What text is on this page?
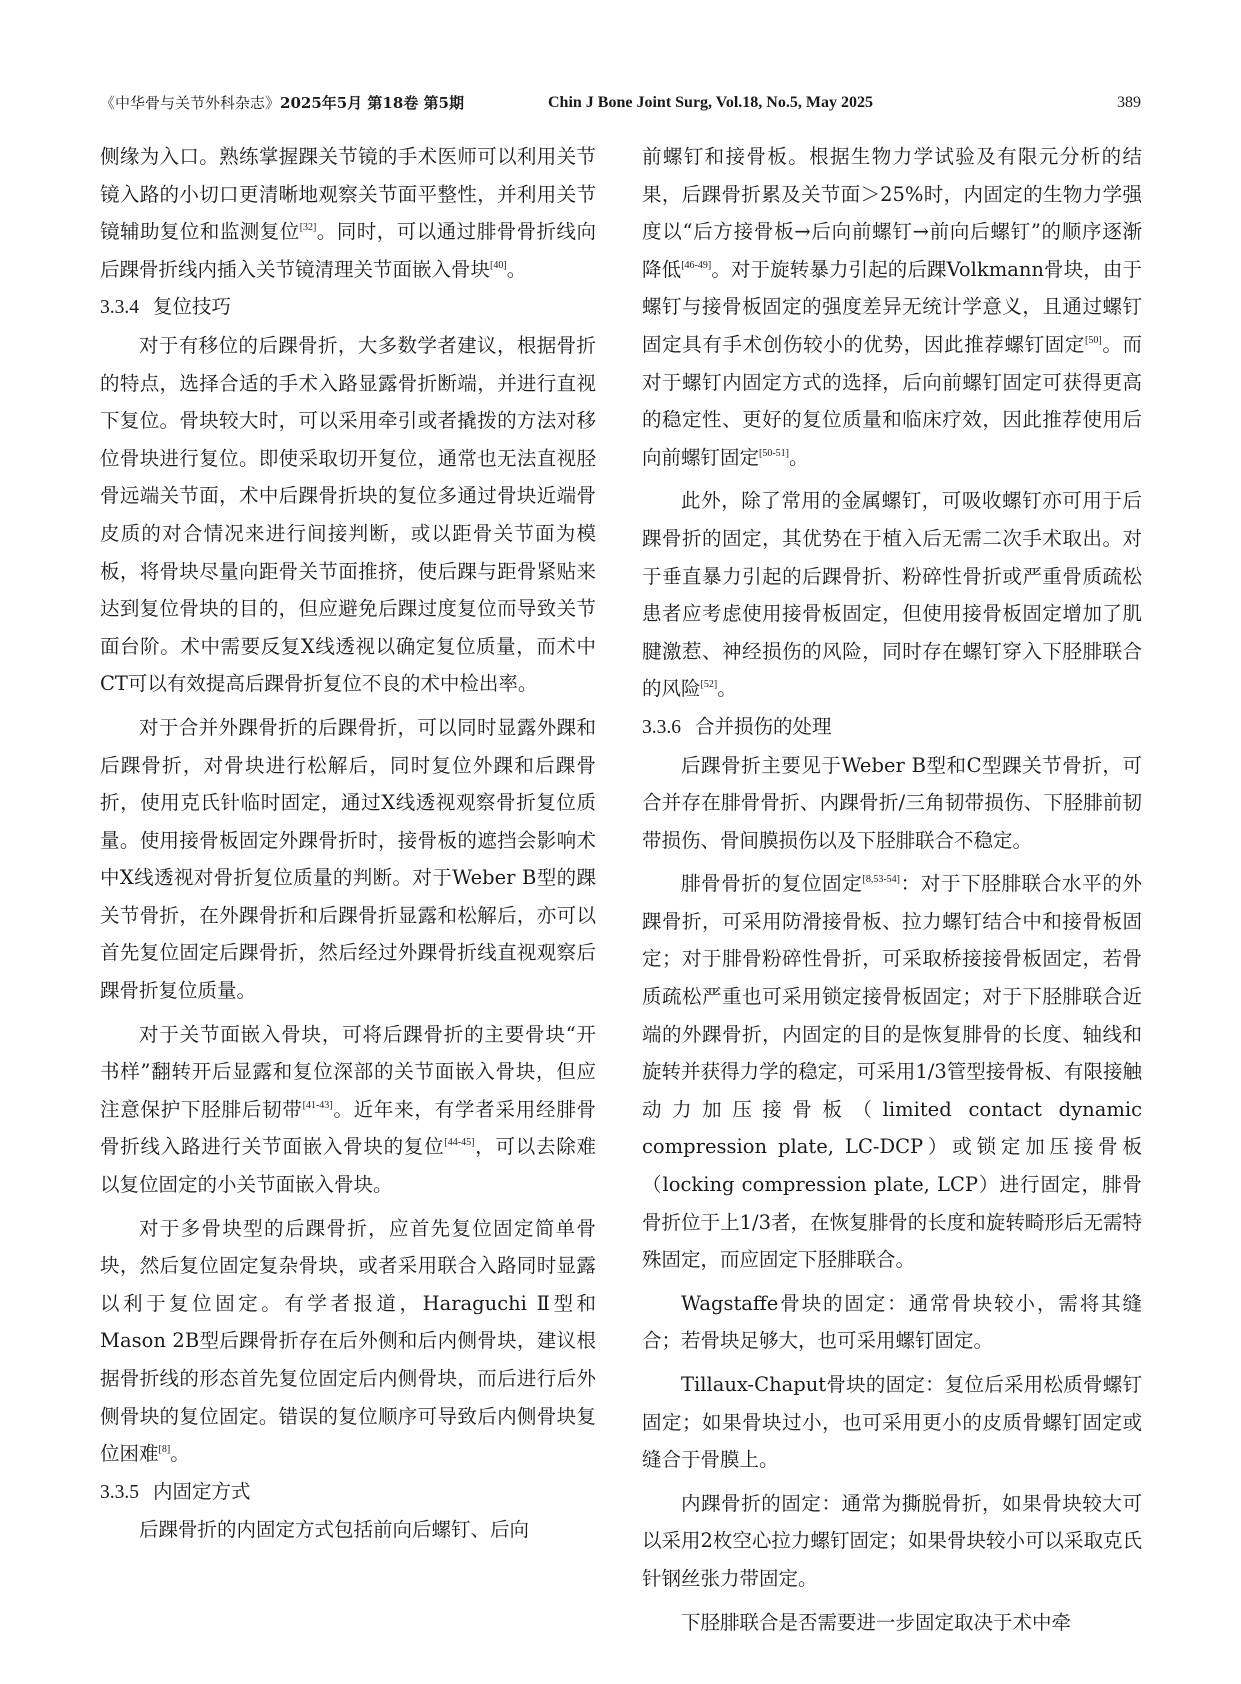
《中华骨与关节外科杂志》2025年5月 第18卷 第5期	Chin J Bone Joint Surg, Vol.18, No.5, May 2025	389

侧缘为入口。熟练掌握踝关节镜的手术医师可以利用关节镜入路的小切口更清晰地观察关节面平整性，并利用关节镜辅助复位和监测复位[32]。同时，可以通过腓骨骨折线向后踝骨折线内插入关节镜清理关节面嵌入骨块[40]。

3.3.4 复位技巧

对于有移位的后踝骨折，大多数学者建议，根据骨折的特点，选择合适的手术入路显露骨折断端，并进行直视下复位。骨块较大时，可以采用牵引或者撬拨的方法对移位骨块进行复位。即使采取切开复位，通常也无法直视胫骨远端关节面，术中后踝骨折块的复位多通过骨块近端骨皮质的对合情况来进行间接判断，或以距骨关节面为模板，将骨块尽量向距骨关节面推挤，使后踝与距骨紧贴来达到复位骨块的目的，但应避免后踝过度复位而导致关节面台阶。术中需要反复X线透视以确定复位质量，而术中CT可以有效提高后踝骨折复位不良的术中检出率。

对于合并外踝骨折的后踝骨折，可以同时显露外踝和后踝骨折，对骨块进行松解后，同时复位外踝和后踝骨折，使用克氏针临时固定，通过X线透视观察骨折复位质量。使用接骨板固定外踝骨折时，接骨板的遮挡会影响术中X线透视对骨折复位质量的判断。对于Weber B型的踝关节骨折，在外踝骨折和后踝骨折显露和松解后，亦可以首先复位固定后踝骨折，然后经过外踝骨折线直视观察后踝骨折复位质量。

对于关节面嵌入骨块，可将后踝骨折的主要骨块“开书样”翻转开后显露和复位深部的关节面嵌入骨块，但应注意保护下胫腓后韧带[41-43]。近年来，有学者采用经腓骨骨折线入路进行关节面嵌入骨块的复位[44-45]，可以去除难以复位固定的小关节面嵌入骨块。

对于多骨块型的后踝骨折，应首先复位固定简单骨块，然后复位固定复杂骨块，或者采用联合入路同时显露以利于复位固定。有学者报道，Haraguchi Ⅱ型和Mason 2B型后踝骨折存在后外侧和后内侧骨块，建议根据骨折线的形态首先复位固定后内侧骨块，而后进行后外侧骨块的复位固定。错误的复位顺序可导致后内侧骨块复位困难[8]。

3.3.5 内固定方式

后踝骨折的内固定方式包括前向后螺钉、后向

前螺钉和接骨板。根据生物力学试验及有限元分析的结果，后踝骨折累及关节面＞25%时，内固定的生物力学强度以“后方接骨板→后向前螺钉→前向后螺钉”的顺序逐渐降低[46-49]。对于旋转暴力引起的后踝Volkmann骨块，由于螺钉与接骨板固定的强度差异无统计学意义，且通过螺钉固定具有手术创伤较小的优势，因此推荐螺钉固定[50]。而对于螺钉内固定方式的选择，后向前螺钉固定可获得更高的稳定性、更好的复位质量和临床疗效，因此推荐使用后向前螺钉固定[50-51]。

此外，除了常用的金属螺钉，可吸收螺钉亦可用于后踝骨折的固定，其优势在于植入后无需二次手术取出。对于垂直暴力引起的后踝骨折、粉碎性骨折或严重骨质疏松患者应考虑使用接骨板固定，但使用接骨板固定增加了肌腱激惹、神经损伤的风险，同时存在螺钉穿入下胫腓联合的风险[52]。

3.3.6 合并损伤的处理

后踝骨折主要见于Weber B型和C型踝关节骨折，可合并存在腓骨骨折、内踝骨折/三角韧带损伤、下胫腓前韧带损伤、骨间膜损伤以及下胫腓联合不稳定。

腓骨骨折的复位固定[8,53-54]：对于下胫腓联合水平的外踝骨折，可采用防滑接骨板、拉力螺钉结合中和接骨板固定；对于腓骨粉碎性骨折，可采取桥接接骨板固定，若骨质疏松严重也可采用锁定接骨板固定；对于下胫腓联合近端的外踝骨折，内固定的目的是恢复腓骨的长度、轴线和旋转并获得力学的稳定，可采用1/3管型接骨板、有限接触动力加压接骨板（limited contact dynamic compression plate, LC-DCP）或锁定加压接骨板（locking compression plate, LCP）进行固定，腓骨骨折位于上1/3者，在恢复腓骨的长度和旋转畸形后无需特殊固定，而应固定下胫腓联合。

Wagstaffe骨块的固定：通常骨块较小，需将其缝合；若骨块足够大，也可采用螺钉固定。

Tillaux-Chaput骨块的固定：复位后采用松质骨螺钉固定；如果骨块过小，也可采用更小的皮质骨螺钉固定或缝合于骨膜上。

内踝骨折的固定：通常为撕脱骨折，如果骨块较大可以采用2枚空心拉力螺钉固定；如果骨块较小可以采取克氏针钢丝张力带固定。

下胫腓联合是否需要进一步固定取决于术中牵
